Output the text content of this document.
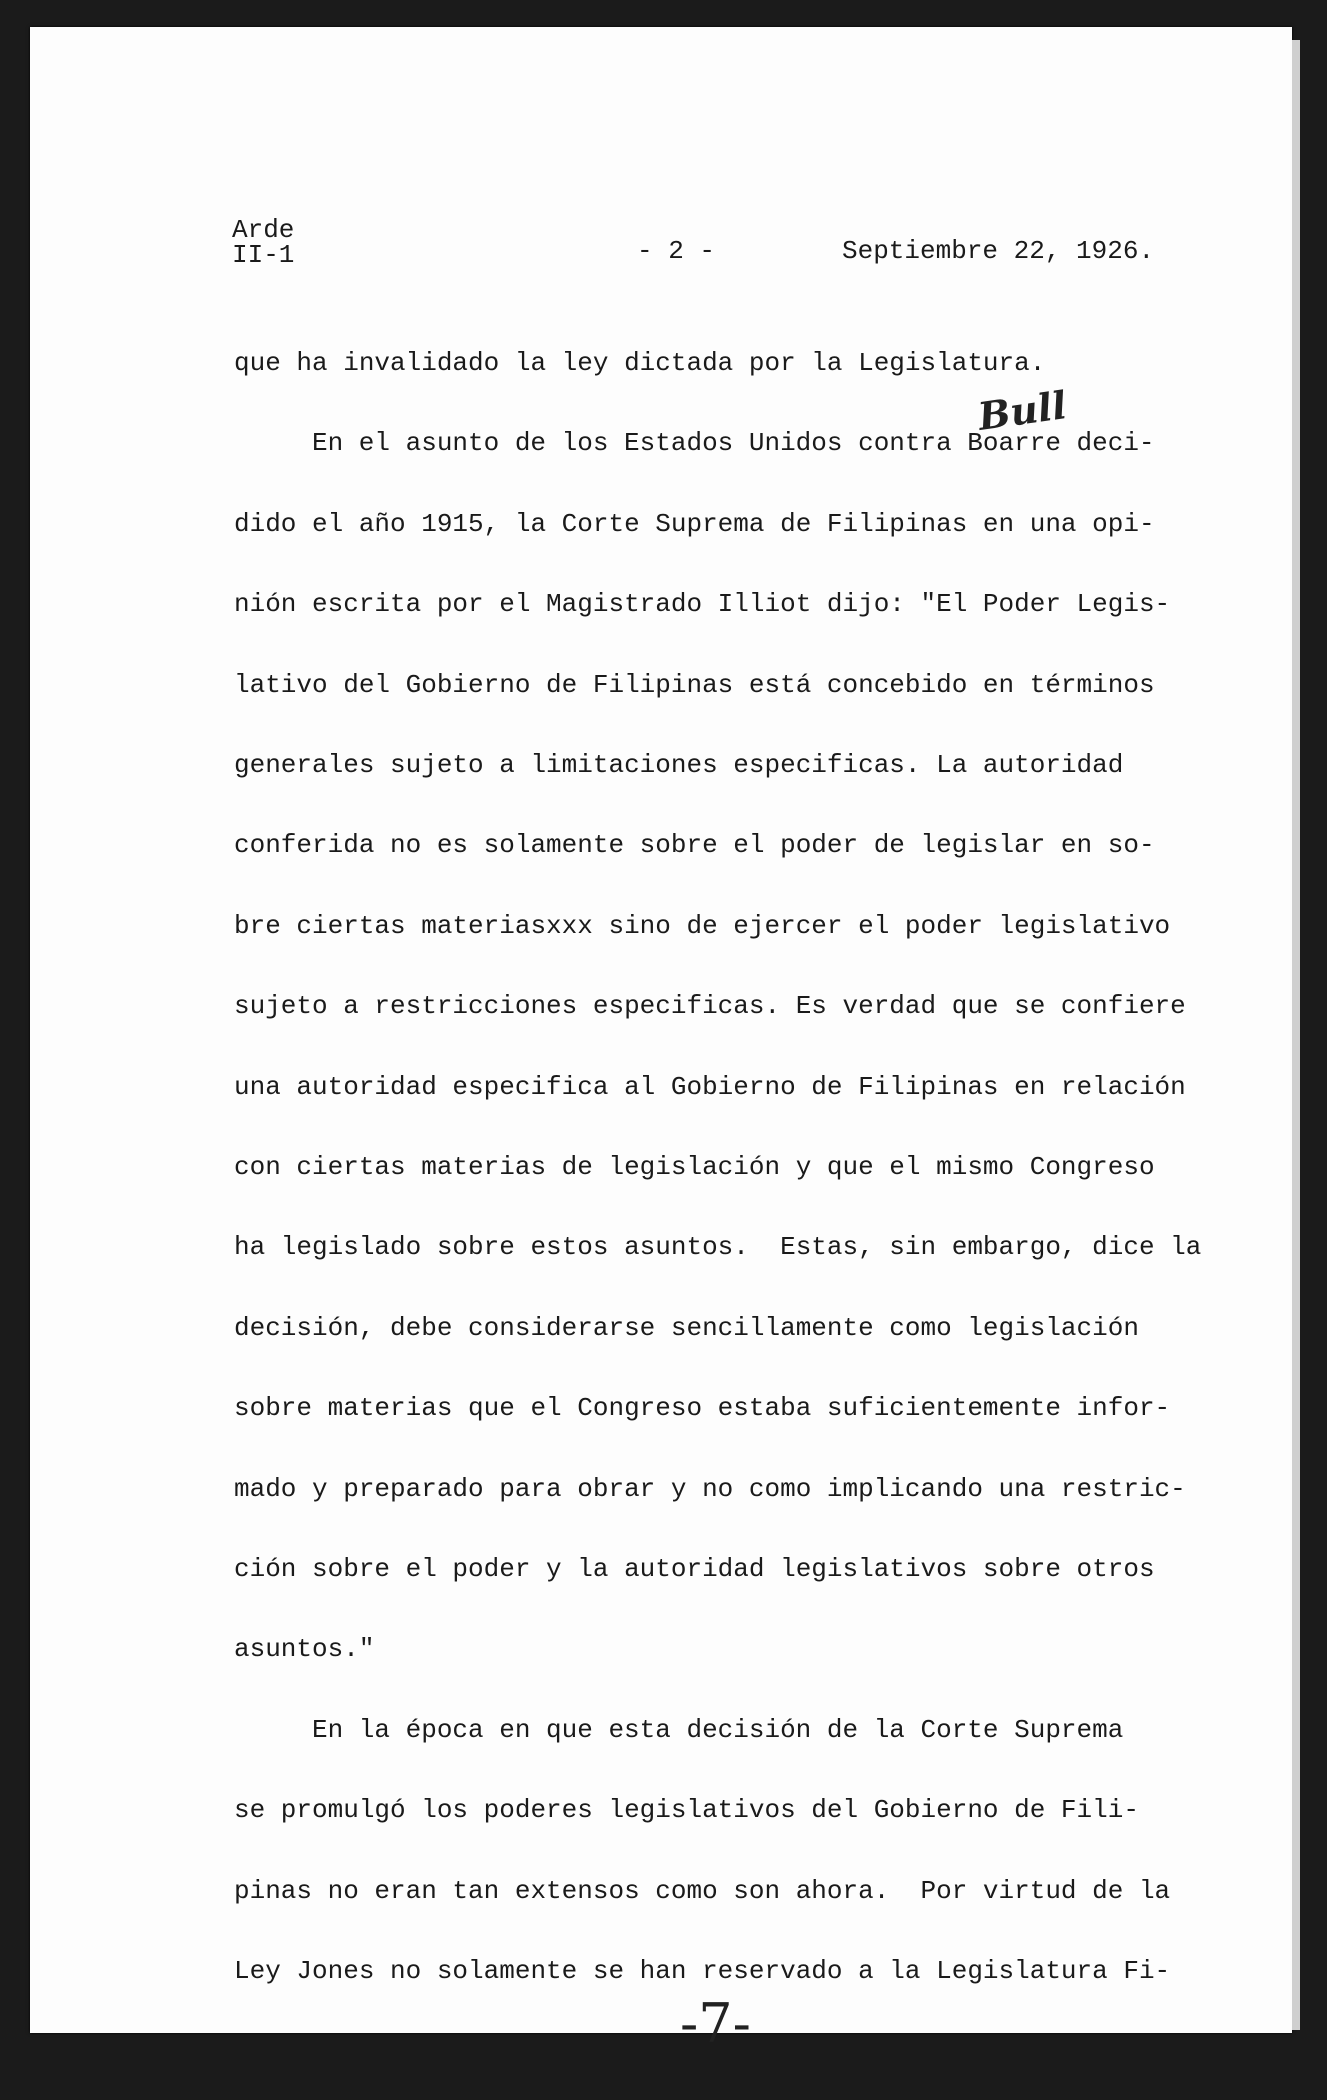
Arde
II-1	- 2 -	Septiembre 22, 1926.
Bull
que ha invalidado la ley dictada por la Legislatura.
En el asunto de los Estados Unidos contra Boarre deci-
dido el año 1915, la Corte Suprema de Filipinas en una opi-
nión escrita por el Magistrado Illiot dijo: "El Poder Legis-
lativo del Gobierno de Filipinas está concebido en términos
generales sujeto a limitaciones especificas. La autoridad
conferida no es solamente sobre el poder de legislar en so-
bre ciertas materiasxxx sino de ejercer el poder legislativo
sujeto a restricciones especificas. Es verdad que se confiere
una autoridad especifica al Gobierno de Filipinas en relación
con ciertas materias de legislación y que el mismo Congreso
ha legislado sobre estos asuntos.  Estas, sin embargo, dice la
decisión, debe considerarse sencillamente como legislación
sobre materias que el Congreso estaba suficientemente infor-
mado y preparado para obrar y no como implicando una restric-
ción sobre el poder y la autoridad legislativos sobre otros
asuntos."
En la época en que esta decisión de la Corte Suprema
se promulgó los poderes legislativos del Gobierno de Fili-
pinas no eran tan extensos como son ahora.  Por virtud de la
Ley Jones no solamente se han reservado a la Legislatura Fi-
-7-
